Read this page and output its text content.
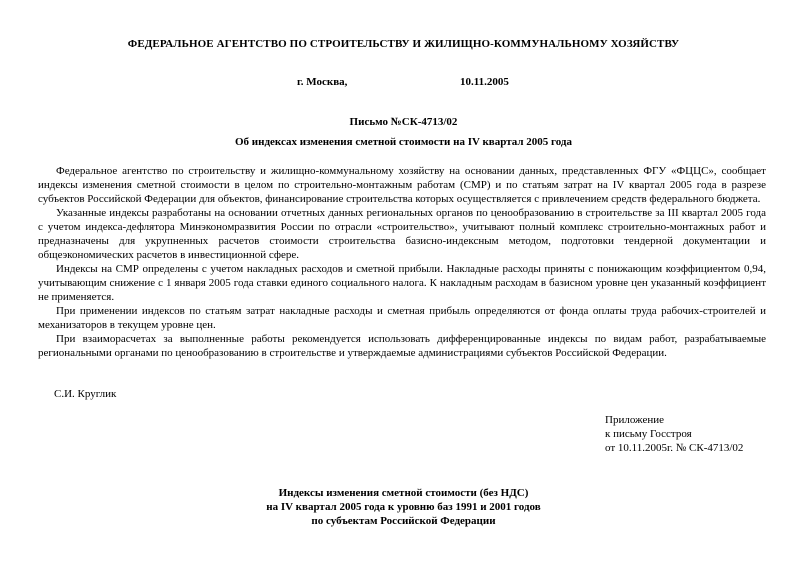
ФЕДЕРАЛЬНОЕ АГЕНТСТВО ПО СТРОИТЕЛЬСТВУ И ЖИЛИЩНО-КОММУНАЛЬНОМУ ХОЗЯЙСТВУ
г. Москва,	10.11.2005
Письмо №СК-4713/02
Об индексах изменения сметной стоимости на IV квартал 2005 года

Федеральное агентство по строительству и жилищно-коммунальному хозяйству на основании данных, представленных ФГУ «ФЦЦС», сообщает индексы изменения сметной стоимости в целом по строительно-монтажным работам (СМР) и по статьям затрат на IV квартал 2005 года в разрезе субъектов Российской Федерации для объектов, финансирование строительства которых осуществляется с привлечением средств федерального бюджета.

Указанные индексы разработаны на основании отчетных данных региональных органов по ценообразованию в строительстве за III квартал 2005 года с учетом индекса-дефлятора Минэкономразвития России по отрасли «строительство», учитывают полный комплекс строительно-монтажных работ и предназначены для укрупненных расчетов стоимости строительства базисно-индексным методом, подготовки тендерной документации и общеэкономических расчетов в инвестиционной сфере.

Индексы на СМР определены с учетом накладных расходов и сметной прибыли. Накладные расходы приняты с понижающим коэффициентом 0,94, учитывающим снижение с 1 января 2005 года ставки единого социального налога. К накладным расходам в базисном уровне цен указанный коэффициент не применяется.

При применении индексов по статьям затрат накладные расходы и сметная прибыль определяются от фонда оплаты труда рабочих-строителей и механизаторов в текущем уровне цен.

При взаиморасчетах за выполненные работы рекомендуется использовать дифференцированные индексы по видам работ, разрабатываемые региональными органами по ценообразованию в строительстве и утверждаемые администрациями субъектов Российской Федерации.

С.И. Круглик
Приложение
к письму Госстроя
от 10.11.2005г. № СК-4713/02
Индексы изменения сметной стоимости (без НДС)
на IV квартал 2005 года к уровню баз 1991 и 2001 годов
по субъектам Российской Федерации
